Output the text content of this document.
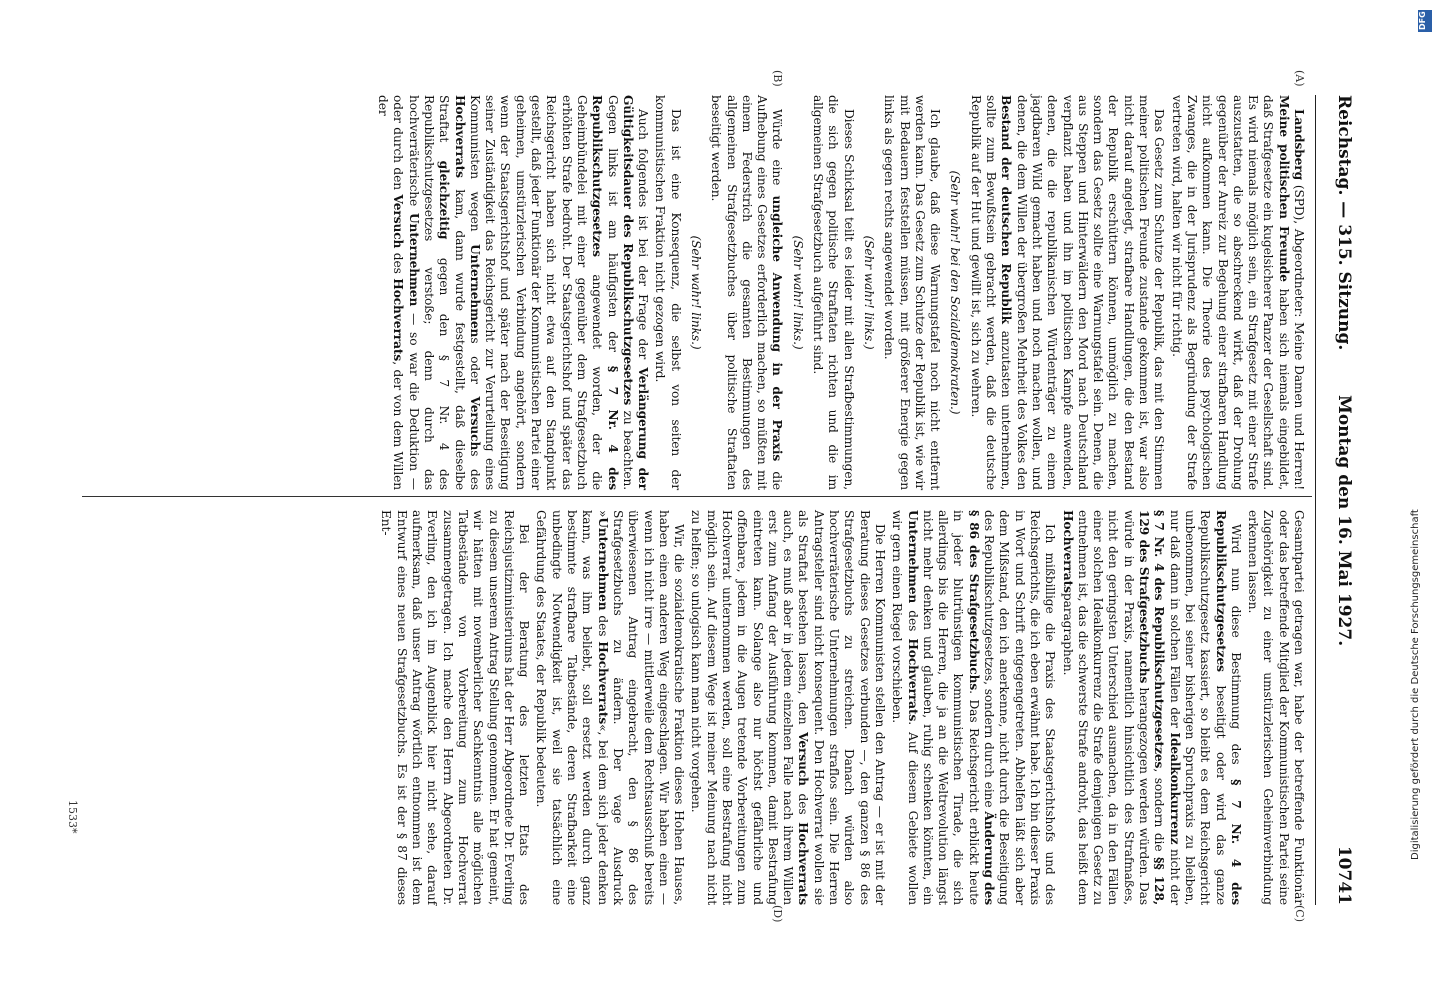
Reichstag. — 315. Sitzung.
Montag den 16. Mai 1927.
10741
(A)
(B)
(C)
(D)

Landsberg (SPD), Abgeordneter: Meine Damen und Herren! Meine politischen Freunde haben sich niemals eingebildet, daß Strafgesetze ein kugelsicherer Panzer der Gesellschaft sind. Es wird niemals möglich sein, ein Strafgesetz mit einer Strafe auszustatten, die so abschreckend wirkt, daß der Drohung gegenüber der Anreiz zur Begehung einer strafbaren Handlung nicht aufkommen kann. Die Theorie des psychologischen Zwanges, die in der Jurisprudenz als Begründung der Strafe vertreten wird, halten wir nicht für richtig.

Das Gesetz zum Schutze der Republik, das mit den Stimmen meiner politischen Freunde zustande gekommen ist, war also nicht darauf angelegt, strafbare Handlungen, die den Bestand der Republik erschüttern können, unmöglich zu machen, sondern das Gesetz sollte eine Warnungstafel sein. Denen, die aus Steppen und Hinterwäldern den Mord nach Deutschland verpflanzt haben und ihn im politischen Kampfe anwenden, denen, die die republikanischen Würdenträger zu einem jagdbaren Wild gemacht haben und noch machen wollen, und denen, die dem Willen der übergroßen Mehrheit des Volkes den Bestand der deutschen Republik anzutasten unternehmen, sollte zum Bewußtsein gebracht werden, daß die deutsche Republik auf der Hut und gewillt ist, sich zu wehren.

(Sehr wahr! bei den Sozialdemokraten.)

Ich glaube, daß diese Warnungstafel noch nicht entfernt werden kann. Das Gesetz zum Schutze der Republik ist, wie wir mit Bedauern feststellen müssen, mit größerer Energie gegen links als gegen rechts angewendet worden.

(Sehr wahr! links.)

Dieses Schicksal teilt es leider mit allen Strafbestimmungen, die sich gegen politische Straftaten richten und die im allgemeinen Strafgesetzbuch aufgeführt sind.

(Sehr wahr! links.)

Würde eine ungleiche Anwendung in der Praxis die Aufhebung eines Gesetzes erforderlich machen, so müßten mit einem Federstrich die gesamten Bestimmungen des allgemeinen Strafgesetzbuches über politische Straftaten beseitigt werden.

(Sehr wahr! links.)

Das ist eine Konsequenz, die selbst von seiten der kommunistischen Fraktion nicht gezogen wird.

Auch folgendes ist bei der Frage der Verlängerung der Gültigkeitsdauer des Republikschutzgesetzes zu beachten. Gegen links ist am häufigsten der § 7 Nr. 4 des Republikschutzgesetzes angewendet worden, der die Geheimbündelei mit einer gegenüber dem Strafgesetzbuch erhöhten Strafe bedroht. Der Staatsgerichtshof und später das Reichsgericht haben sich nicht etwa auf den Standpunkt gestellt, daß jeder Funktionär der Kommunistischen Partei einer geheimen, umstürzlerischen Verbindung angehört, sondern wenn der Staatsgerichtshof und später nach der Beseitigung seiner Zuständigkeit das Reichsgericht zur Verurteilung eines Kommunisten wegen Unternehmens oder Versuchs des Hochverrats kam, dann wurde festgestellt, daß dieselbe Straftat gleichzeitig gegen den § 7 Nr. 4 des Republikschutzgesetzes verstoße; denn durch das hochverräterische Unternehmen — so war die Deduktion — oder durch den Versuch des Hochverrats, der von dem Willen der

Gesamtpartei getragen war, habe der betreffende Funktionär oder das betreffende Mitglied der Kommunistischen Partei seine Zugehörigkeit zu einer umstürzlerischen Geheimverbindung erkennen lassen.

Wird nun diese Bestimmung des § 7 Nr. 4 des Republikschutzgesetzes beseitigt oder wird das ganze Republikschutzgesetz kassiert, so bleibt es dem Reichsgericht unbenommen, bei seiner bisherigen Spruchpraxis zu bleiben, nur daß dann in solchen Fällen der Idealkonkurrenz nicht der § 7 Nr. 4 des Republikschutzgesetzes, sondern die §§ 128, 129 des Strafgesetzbuchs herangezogen werden würden. Das würde in der Praxis, namentlich hinsichtlich des Strafmaßes, nicht den geringsten Unterschied ausmachen, da in den Fällen einer solchen Idealkonkurrenz die Strafe demjenigen Gesetz zu entnehmen ist, das die schwerste Strafe androht, das heißt dem Hochverratsparagraphen.

Ich mißbillige die Praxis des Staatsgerichtshofs und des Reichsgerichts, die ich eben erwähnt habe. Ich bin dieser Praxis in Wort und Schrift entgegengetreten. Abhelfen läßt sich aber dem Mißstand, den ich anerkenne, nicht durch die Beseitigung des Republikschutzgesetzes, sondern durch eine Änderung des § 86 des Strafgesetzbuchs. Das Reichsgericht erblickt heute in jeder blutrünstigen kommunistischen Tirade, die sich allerdings bis die Herren, die ja an die Weltrevolution längst nicht mehr denken und glauben, ruhig schenken könnten, ein Unternehmen des Hochverrats. Auf diesem Gebiete wollen wir gern einen Riegel vorschieben.

Die Herren Kommunisten stellen den Antrag — er ist mit der Beratung dieses Gesetzes verbunden —, den ganzen § 86 des Strafgesetzbuchs zu streichen. Danach würden also hochverräterische Unternehmungen straflos sein. Die Herren Antragsteller sind nicht konsequent. Den Hochverrat wollen sie als Straftat bestehen lassen, den Versuch des Hochverrats auch, es muß aber in jedem einzelnen Falle nach ihrem Willen erst zum Anfang der Ausführung kommen, damit Bestrafung eintreten kann. Solange also nur höchst gefährliche und offenbare, jedem in die Augen tretende Vorbereitungen zum Hochverrat unternommen werden, soll eine Bestrafung nicht möglich sein. Auf diesem Wege ist meiner Meinung nach nicht zu helfen; so unlogisch kann man nicht vorgehen.

Wir, die sozialdemokratische Fraktion dieses Hohen Hauses, haben einen anderen Weg eingeschlagen. Wir haben einen — wenn ich nicht irre — mittlerweile dem Rechtsausschuß bereits überwiesenen Antrag eingebracht, den § 86 des Strafgesetzbuchs zu ändern. Der vage Ausdruck »Unternehmen des Hochverrats«, bei dem sich jeder denken kann, was ihm beliebt, soll ersetzt werden durch ganz bestimmte strafbare Tatbestände, deren Strafbarkeit eine unbedingte Notwendigkeit ist, weil sie tatsächlich eine Gefährdung des Staates, der Republik bedeuten.

Bei der Beratung des letzten Etats des Reichsjustizministeriums hat der Herr Abgeordnete Dr. Everling zu diesem unserem Antrag Stellung genommen. Er hat gemeint, wir hätten mit novemberlicher Sachkenntnis alle möglichen Tatbestände von Vorbereitung zum Hochverrat zusammengetragen. Ich mache den Herrn Abgeordneten Dr. Everling, den ich im Augenblick hier nicht sehe, darauf aufmerksam, daß unser Antrag wörtlich entnommen ist dem Entwurf eines neuen Strafgesetzbuchs. Es ist der § 87 dieses Ent-

1533*	Digitalisierung gefördert durch die Deutsche Forschungsgemeinschaft
DFG
